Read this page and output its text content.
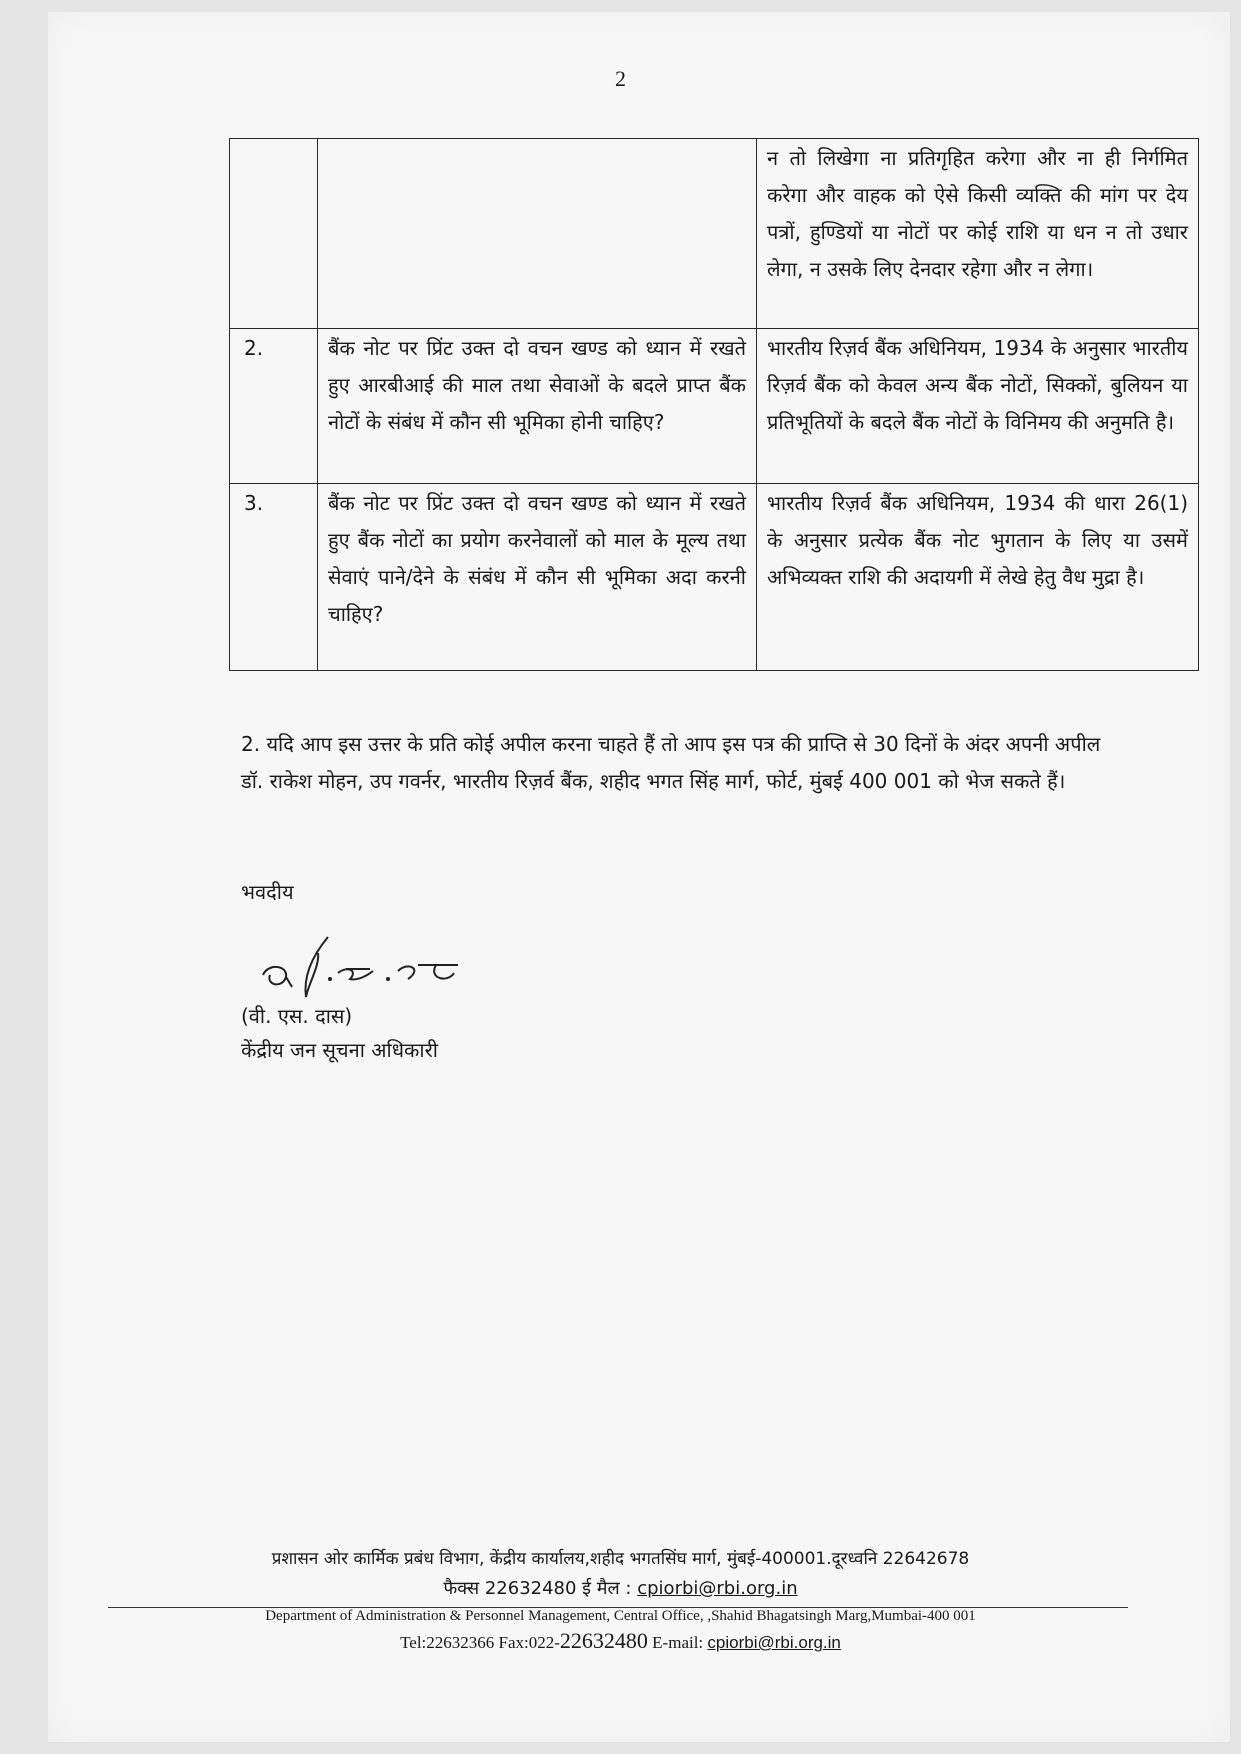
2
		न तो लिखेगा ना प्रतिगृहित करेगा और ना ही निर्गमित करेगा और वाहक को ऐसे किसी व्यक्ति की मांग पर देय पत्रों, हुण्डियों या नोटों पर कोई राशि या धन न तो उधार लेगा, न उसके लिए देनदार रहेगा और न लेगा।
2.	बैंक नोट पर प्रिंट उक्त दो वचन खण्ड को ध्यान में रखते हुए आरबीआई की माल तथा सेवाओं के बदले प्राप्त बैंक नोटों के संबंध में कौन सी भूमिका होनी चाहिए?	भारतीय रिज़र्व बैंक अधिनियम, 1934 के अनुसार भारतीय रिज़र्व बैंक को केवल अन्य बैंक नोटों, सिक्कों, बुलियन या प्रतिभूतियों के बदले बैंक नोटों के विनिमय की अनुमति है।
3.	बैंक नोट पर प्रिंट उक्त दो वचन खण्ड को ध्यान में रखते हुए बैंक नोटों का प्रयोग करनेवालों को माल के मूल्य तथा सेवाएं पाने/देने के संबंध में कौन सी भूमिका अदा करनी चाहिए?	भारतीय रिज़र्व बैंक अधिनियम, 1934 की धारा 26(1) के अनुसार प्रत्येक बैंक नोट भुगतान के लिए या उसमें अभिव्यक्त राशि की अदायगी में लेखे हेतु वैध मुद्रा है।
2. यदि आप इस उत्तर के प्रति कोई अपील करना चाहते हैं तो आप इस पत्र की प्राप्ति से 30 दिनों के अंदर अपनी अपील डॉ. राकेश मोहन, उप गवर्नर, भारतीय रिज़र्व बैंक, शहीद भगत सिंह मार्ग, फोर्ट, मुंबई 400 001 को भेज सकते हैं।
भवदीय
(वी. एस. दास)
केंद्रीय जन सूचना अधिकारी
प्रशासन ओर कार्मिक प्रबंध विभाग, केंद्रीय कार्यालय,शहीद भगतसिंघ मार्ग, मुंबई-400001.दूरध्वनि 22642678
फैक्स 22632480 ई मैल : cpiorbi@rbi.org.in
Department of Administration & Personnel Management, Central Office, ,Shahid Bhagatsingh Marg,Mumbai-400 001
Tel:22632366 Fax:022-22632480 E-mail: cpiorbi@rbi.org.in
